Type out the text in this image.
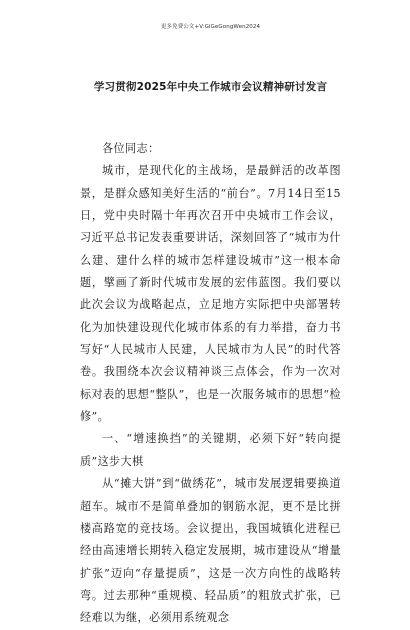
更多免费公文+V:GiGeGongWen2024
学习贯彻2025年中央工作城市会议精神研讨发言

各位同志：

城市，是现代化的主战场，是最鲜活的改革图景，是群众感知美好生活的“前台”。7月14日至15日，党中央时隔十年再次召开中央城市工作会议，习近平总书记发表重要讲话，深刻回答了“城市为什么建、建什么样的城市怎样建设城市”这一根本命题，擘画了新时代城市发展的宏伟蓝图。我们要以此次会议为战略起点，立足地方实际把中央部署转化为加快建设现代化城市体系的有力举措，奋力书写好“人民城市人民建，人民城市为人民”的时代答卷。我围绕本次会议精神谈三点体会，作为一次对标对表的思想“整队”，也是一次服务城市的思想“检修”。

一、“增速换挡”的关键期，必须下好“转向提质”这步大棋

从“摊大饼”到“做绣花”，城市发展逻辑要换道超车。城市不是简单叠加的钢筋水泥，更不是比拼楼高路宽的竞技场。会议提出，我国城镇化进程已经由高速增长期转入稳定发展期，城市建设从“增量扩张”迈向“存量提质”，这是一次方向性的战略转弯。过去那种“重规模、轻品质”的粗放式扩张，已经难以为继，必须用系统观念
